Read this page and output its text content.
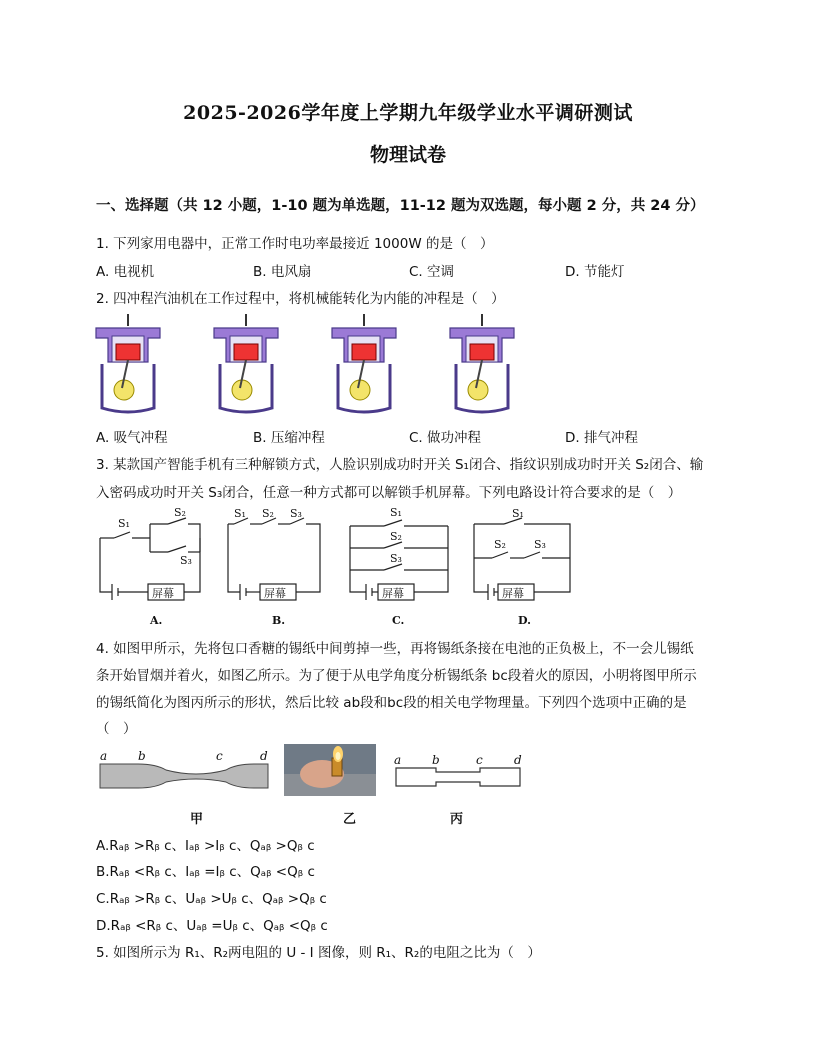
2025-2026学年度上学期九年级学业水平调研测试
物理试卷
一、选择题（共 12 小题，1-10 题为单选题，11-12 题为双选题，每小题 2 分，共 24 分）
1. 下列家用电器中，正常工作时电功率最接近 1000W 的是（　）
A. 电视机	B. 电风扇	C. 空调	D. 节能灯
2. 四冲程汽油机在工作过程中，将机械能转化为内能的冲程是（　）
A. 吸气冲程	B. 压缩冲程	C. 做功冲程	D. 排气冲程
3. 某款国产智能手机有三种解锁方式，人脸识别成功时开关 S₁闭合、指纹识别成功时开关 S₂闭合、输
入密码成功时开关 S₃闭合，任意一种方式都可以解锁手机屏幕。下列电路设计符合要求的是（　）
S₁
S₂
S₃
屏幕
A.
S₁ S₂ S₃
屏幕
B.
S₁
S₂
S₃
屏幕
C.
S₁
S₂	S₃
屏幕
D.
4. 如图甲所示，先将包口香糖的锡纸中间剪掉一些，再将锡纸条接在电池的正负极上，不一会儿锡纸
条开始冒烟并着火，如图乙所示。为了便于从电学角度分析锡纸条 bc段着火的原因，小明将图甲所示
的锡纸简化为图丙所示的形状，然后比较 ab段和bc段的相关电学物理量。下列四个选项中正确的是
（　）
a	b	c	d	a	b	c	d
甲	乙	丙
A.Rₐᵦ >Rᵦ c、Iₐᵦ >Iᵦ c、Qₐᵦ >Qᵦ c
B.Rₐᵦ <Rᵦ c、Iₐᵦ =Iᵦ c、Qₐᵦ <Qᵦ c
C.Rₐᵦ >Rᵦ c、Uₐᵦ >Uᵦ c、Qₐᵦ >Qᵦ c
D.Rₐᵦ <Rᵦ c、Uₐᵦ =Uᵦ c、Qₐᵦ <Qᵦ c
5. 如图所示为 R₁、R₂两电阻的 U - I 图像，则 R₁、R₂的电阻之比为（　）
